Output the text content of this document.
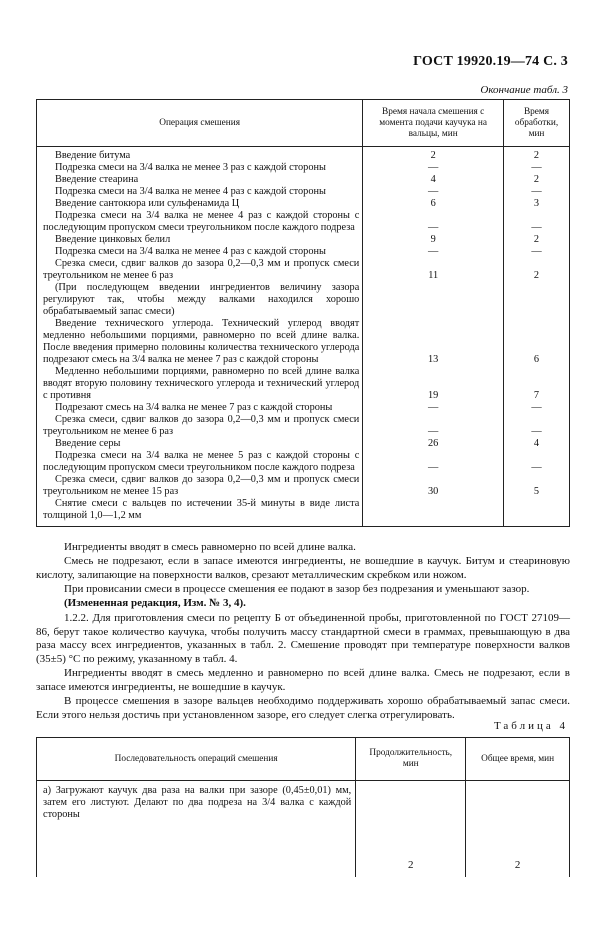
ГОСТ 19920.19—74 С. 3
Окончание табл. 3
Операция смешения	Время начала смешения с момента подачи каучука на вальцы, мин	Время обработки, мин

Введение битума	2	2

Подрезка смеси на 3/4 валка не менее 3 раз с каждой стороны	—	—

Введение стеарина	4	2

Подрезка смеси на 3/4 валка не менее 4 раз с каждой стороны	—	—

Введение сантокюра или сульфенамида Ц	6	3

Подрезка смеси на 3/4 валка не менее 4 раз с каждой стороны с последующим пропуском смеси треугольником после каждого подреза	—	—

Введение цинковых белил	9	2

Подрезка смеси на 3/4 валка не менее 4 раз с каждой стороны	—	—

Срезка смеси, сдвиг валков до зазора 0,2—0,3 мм и пропуск смеси треугольником не менее 6 раз	11	2

(При последующем введении ингредиентов величину зазора регулируют так, чтобы между валками находился хорошо обрабатываемый запас смеси)		

Введение технического углерода. Технический углерод вводят медленно небольшими порциями, равномерно по всей длине валка. После введения примерно половины количества технического углерода подрезают смесь на 3/4 валка не менее 7 раз с каждой стороны	13	6

Медленно небольшими порциями, равномерно по всей длине валка вводят вторую половину технического углерода и технический углерод с противня	19	7

Подрезают смесь на 3/4 валка не менее 7 раз с каждой стороны	—	—

Срезка смеси, сдвиг валков до зазора 0,2—0,3 мм и пропуск смеси треугольником не менее 6 раз	—	—

Введение серы	26	4

Подрезка смеси на 3/4 валка не менее 5 раз с каждой стороны с последующим пропуском смеси треугольником после каждого подреза	—	—

Срезка смеси, сдвиг валков до зазора 0,2—0,3 мм и пропуск смеси треугольником не менее 15 раз	30	5

Снятие смеси с вальцев по истечении 35-й минуты в виде листа толщиной 1,0—1,2 мм		

Ингредиенты вводят в смесь равномерно по всей длине валка.
Смесь не подрезают, если в запасе имеются ингредиенты, не вошедшие в каучук. Битум и стеариновую кислоту, залипающие на поверхности валков, срезают металлическим скребком или ножом.
При провисании смеси в процессе смешения ее подают в зазор без подрезания и уменьшают зазор.
(Измененная редакция, Изм. № 3, 4).
1.2.2. Для приготовления смеси по рецепту Б от объединенной пробы, приготовленной по ГОСТ 27109—86, берут такое количество каучука, чтобы получить массу стандартной смеси в граммах, превышающую в два раза массу всех ингредиентов, указанных в табл. 2. Смешение проводят при температуре поверхности валков (35±5) °С по режиму, указанному в табл. 4.
Ингредиенты вводят в смесь медленно и равномерно по всей длине валка. Смесь не подрезают, если в запасе имеются ингредиенты, не вошедшие в каучук.
В процессе смешения в зазоре вальцев необходимо поддерживать хорошо обрабатываемый запас смеси. Если этого нельзя достичь при установленном зазоре, его следует слегка отрегулировать.
Таблица 4
Последовательность операций смешения	Продолжительность, мин	Общее время, мин
а) Загружают каучук два раза на валки при зазоре (0,45±0,01) мм, затем его листуют. Делают по два подреза на 3/4 валка с каждой стороны	2	2
